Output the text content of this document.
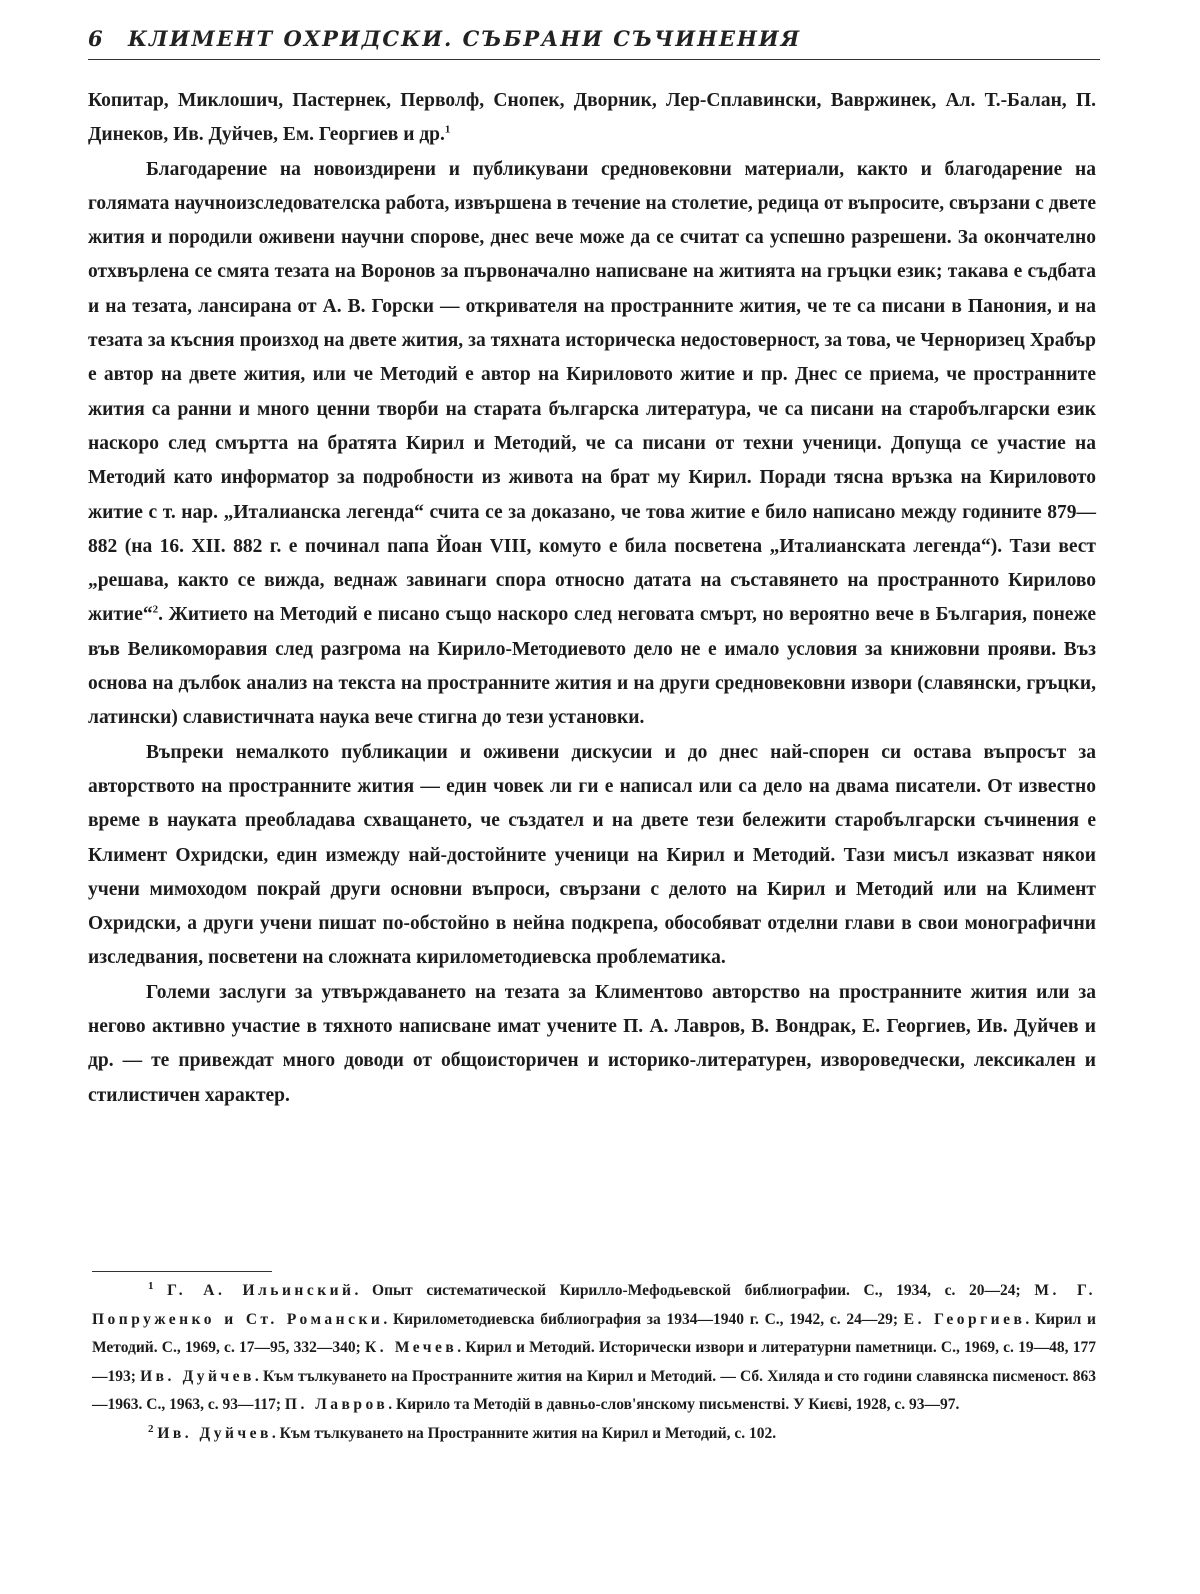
6 КЛИМЕНТ ОХРИДСКИ. СЪБРАНИ СЪЧИНЕНИЯ

Копитар, Миклошич, Пастернек, Перволф, Снопек, Дворник, Лер-Сплавински, Вавржинек, Ал. Т.-Балан, П. Динеков, Ив. Дуйчев, Ем. Георгиев и др.$^1$

Благодарение на новоиздирени и публикувани средновековни материали, както и благодарение на голямата научноизследователска работа, извършена в течение на столетие, редица от въпросите, свързани с двете жития и породили оживени научни спорове, днес вече може да се считат са успешно разрешени. За окончателно отхвърлена се смята тезата на Воронов за първоначално написване на житията на гръцки език; такава е съдбата и на тезата, лансирана от А. В. Горски — откривателя на пространните жития, че те са писани в Панония, и на тезата за късния произход на двете жития, за тяхната историческа недостоверност, за това, че Черноризец Храбър е автор на двете жития, или че Методий е автор на Кириловото житие и пр. Днес се приема, че пространните жития са ранни и много ценни творби на старата българска литература, че са писани на старобългарски език наскоро след смъртта на братята Кирил и Методий, че са писани от техни ученици. Допуща се участие на Методий като информатор за подробности из живота на брат му Кирил. Поради тясна връзка на Кириловото житие с т. нар. „Италианска легенда“ счита се за доказано, че това житие е било написано между годините 879—882 (на 16. XII. 882 г. е починал папа Йоан VIII, комуто е била посветена „Италианската легенда“). Тази вест „решава, както се вижда, веднаж завинаги спора относно датата на съставянето на пространното Кирилово житие“$^2$. Житието на Методий е писано също наскоро след неговата смърт, но вероятно вече в България, понеже във Великоморавия след разгрома на Кирило-Методиевото дело не е имало условия за книжовни прояви. Въз основа на дълбок анализ на текста на пространните жития и на други средновековни извори (славянски, гръцки, латински) славистичната наука вече стигна до тези установки.

Въпреки немалкото публикации и оживени дискусии и до днес най-спорен си остава въпросът за авторството на пространните жития — един човек ли ги е написал или са дело на двама писатели. От известно време в науката преобладава схващането, че създател и на двете тези бележити старобългарски съчинения е Климент Охридски, един измежду най-достойните ученици на Кирил и Методий. Тази мисъл изказват някои учени мимоходом покрай други основни въпроси, свързани с делото на Кирил и Методий или на Климент Охридски, а други учени пишат по-обстойно в нейна подкрепа, обособяват отделни глави в свои монографични изследвания, посветени на сложната кирилометодиевска проблематика.

Големи заслуги за утвърждаването на тезата за Климентово авторство на пространните жития или за негово активно участие в тяхното написване имат учените П. А. Лавров, В. Вондрак, Е. Георгиев, Ив. Дуйчев и др. — те привеждат много доводи от общоисторичен и историко-литературен, изворoведчески, лексикален и стилистичен характер.

$^1$ Г. А. Ильинский. Опыт систематической Кирилло-Мефодьевской библиографии. С., 1934, с. 20—24; М. Г. Попруженко и Ст. Романски. Кирилометодиевска библиография за 1934—1940 г. С., 1942, с. 24—29; Е. Георгиев. Кирил и Методий. С., 1969, с. 17—95, 332—340; К. Мечев. Кирил и Методий. Исторически извори и литературни паметници. С., 1969, с. 19—48, 177—193; Ив. Дуйчев. Към тълкуването на Пространните жития на Кирил и Методий. — Сб. Хиляда и сто години славянска писменост. 863—1963. С., 1963, с. 93—117; П. Лавров. Кирило та Методій в давньо-слов'янскому письменстві. У Києві, 1928, с. 93—97.

$^2$ Ив. Дуйчев. Към тълкуването на Пространните жития на Кирил и Методий, с. 102.
